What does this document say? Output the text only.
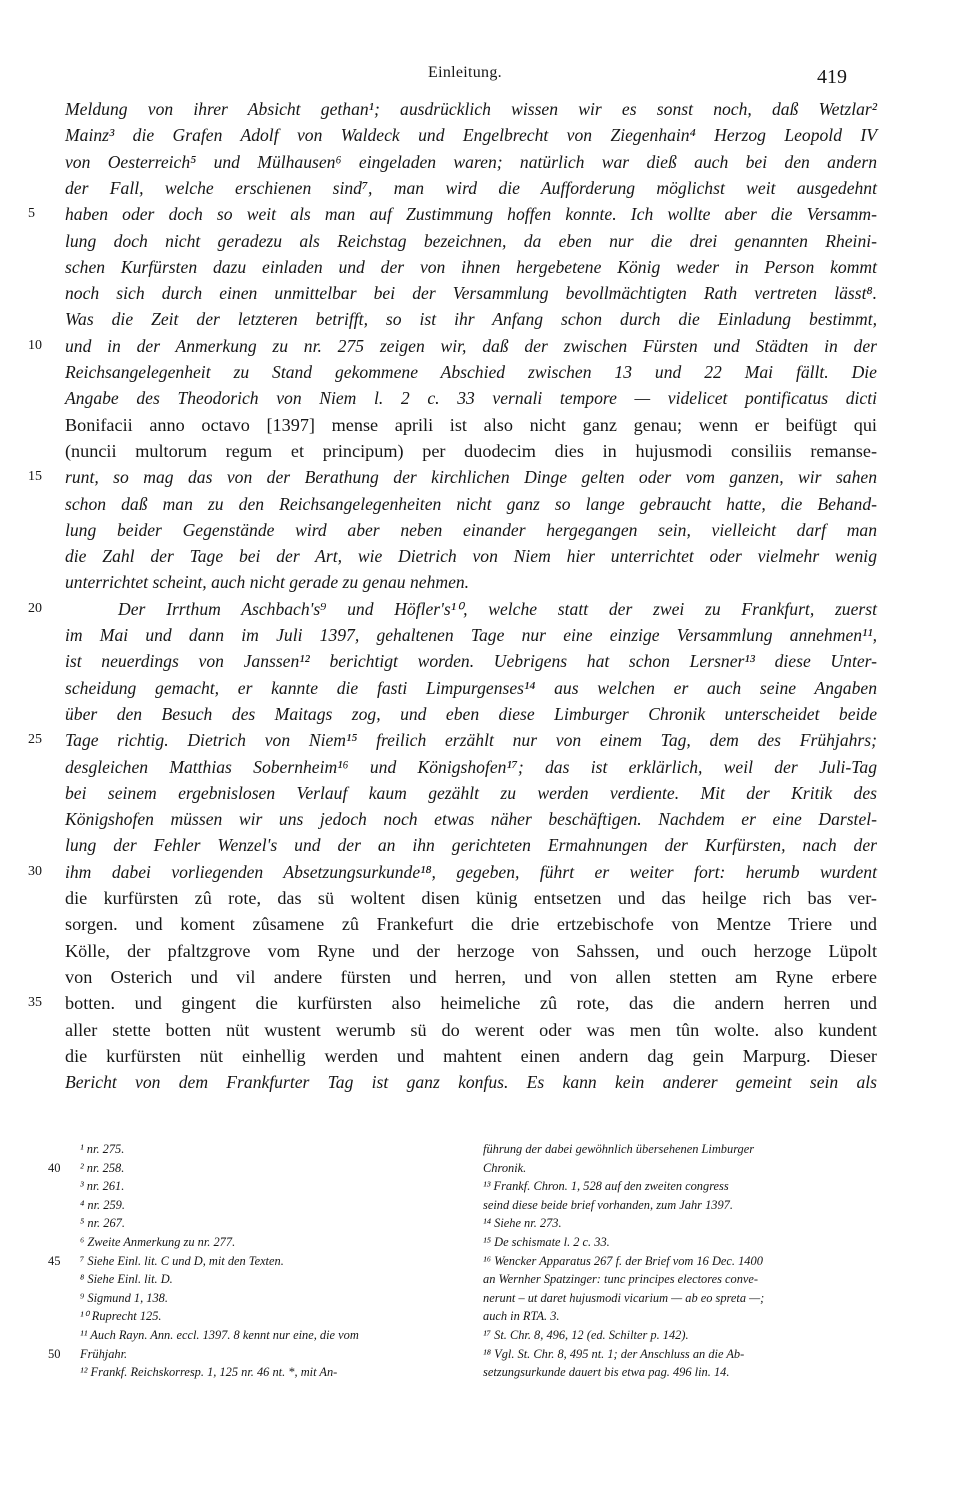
Einleitung.	419
Meldung von ihrer Absicht gethan¹; ausdrücklich wissen wir es sonst noch, daß Wetzlar²
Mainz³ die Grafen Adolf von Waldeck und Engelbrecht von Ziegenhain⁴ Herzog Leopold IV
von Oesterreich⁵ und Mülhausen⁶ eingeladen waren; natürlich war dieß auch bei den andern
der Fall, welche erschienen sind⁷, man wird die Aufforderung möglichst weit ausgedehnt
haben oder doch so weit als man auf Zustimmung hoffen konnte. Ich wollte aber die Versamm-
5
lung doch nicht geradezu als Reichstag bezeichnen, da eben nur die drei genannten Rheini-
schen Kurfürsten dazu einladen und der von ihnen hergebetene König weder in Person kommt
noch sich durch einen unmittelbar bei der Versammlung bevollmächtigten Rath vertreten lässt⁸.
Was die Zeit der letzteren betrifft, so ist ihr Anfang schon durch die Einladung bestimmt,
und in der Anmerkung zu nr. 275 zeigen wir, daß der zwischen Fürsten und Städten in der
10
Reichsangelegenheit zu Stand gekommene Abschied zwischen 13 und 22 Mai fällt. Die
Angabe des Theodorich von Niem l. 2 c. 33 vernali tempore — videlicet pontificatus dicti
Bonifacii anno octavo [1397] mense aprili ist also nicht ganz genau; wenn er beifügt qui
(nuncii multorum regum et principum) per duodecim dies in hujusmodi consiliis remanse-
runt, so mag das von der Berathung der kirchlichen Dinge gelten oder vom ganzen, wir sahen
15
schon daß man zu den Reichsangelegenheiten nicht ganz so lange gebraucht hatte, die Behand-
lung beider Gegenstände wird aber neben einander hergegangen sein, vielleicht darf man
die Zahl der Tage bei der Art, wie Dietrich von Niem hier unterrichtet oder vielmehr wenig
unterrichtet scheint, auch nicht gerade zu genau nehmen.
Der Irrthum Aschbach's⁹ und Höfler's¹⁰, welche statt der zwei zu Frankfurt, zuerst
20
im Mai und dann im Juli 1397, gehaltenen Tage nur eine einzige Versammlung annehmen¹¹,
ist neuerdings von Janssen¹² berichtigt worden. Uebrigens hat schon Lersner¹³ diese Unter-
scheidung gemacht, er kannte die fasti Limpurgenses¹⁴ aus welchen er auch seine Angaben
über den Besuch des Maitags zog, und eben diese Limburger Chronik unterscheidet beide
Tage richtig. Dietrich von Niem¹⁵ freilich erzählt nur von einem Tag, dem des Frühjahrs;
25
desgleichen Matthias Sobernheim¹⁶ und Königshofen¹⁷; das ist erklärlich, weil der Juli-Tag
bei seinem ergebnislosen Verlauf kaum gezählt zu werden verdiente. Mit der Kritik des
Königshofen müssen wir uns jedoch noch etwas näher beschäftigen. Nachdem er eine Darstel-
lung der Fehler Wenzel's und der an ihn gerichteten Ermahnungen der Kurfürsten, nach der
ihm dabei vorliegenden Absetzungsurkunde¹⁸, gegeben, führt er weiter fort: herumb wurdent
30
die kurfürsten zû rote, das sü woltent disen künig entsetzen und das heilge rich bas ver-
sorgen. und koment zûsamene zû Frankefurt die drie ertzebischofe von Mentze Triere und
Kölle, der pfaltzgrove vom Ryne und der herzoge von Sahssen, und ouch herzoge Lüpolt
von Osterich und vil andere fürsten und herren, und von allen stetten am Ryne erbere
botten. und gingent die kurfürsten also heimeliche zû rote, das die andern herren und
35
aller stette botten nüt wustent werumb sü do werent oder was men tûn wolte. also kundent
die kurfürsten nüt einhellig werden und mahtent einen andern dag gein Marpurg. Dieser
Bericht von dem Frankfurter Tag ist ganz konfus. Es kann kein anderer gemeint sein als
¹ nr. 275.
² nr. 258.
³ nr. 261.
⁴ nr. 259.
⁵ nr. 267.
⁶ Zweite Anmerkung zu nr. 277.
⁷ Siehe Einl. lit. C und D, mit den Texten.
⁸ Siehe Einl. lit. D.
⁹ Sigmund 1, 138.
¹⁰ Ruprecht 125.
¹¹ Auch Rayn. Ann. eccl. 1397. 8 kennt nur eine, die vom
Frühjahr.
¹² Frankf. Reichskorresp. 1, 125 nr. 46 nt. *, mit An-
führung der dabei gewöhnlich übersehenen Limburger
Chronik.
¹³ Frankf. Chron. 1, 528 auf den zweiten congress
seind diese beide brief vorhanden, zum Jahr 1397.
¹⁴ Siehe nr. 273.
¹⁵ De schismate l. 2 c. 33.
¹⁶ Wencker Apparatus 267 f. der Brief vom 16 Dec. 1400
an Wernher Spatzinger: tunc principes electores conve-
nerunt – ut daret hujusmodi vicarium — ab eo spreta —;
auch in RTA. 3.
¹⁷ St. Chr. 8, 496, 12 (ed. Schilter p. 142).
¹⁸ Vgl. St. Chr. 8, 495 nt. 1; der Anschluss an die Ab-
setzungsurkunde dauert bis etwa pag. 496 lin. 14.
40
45
50
